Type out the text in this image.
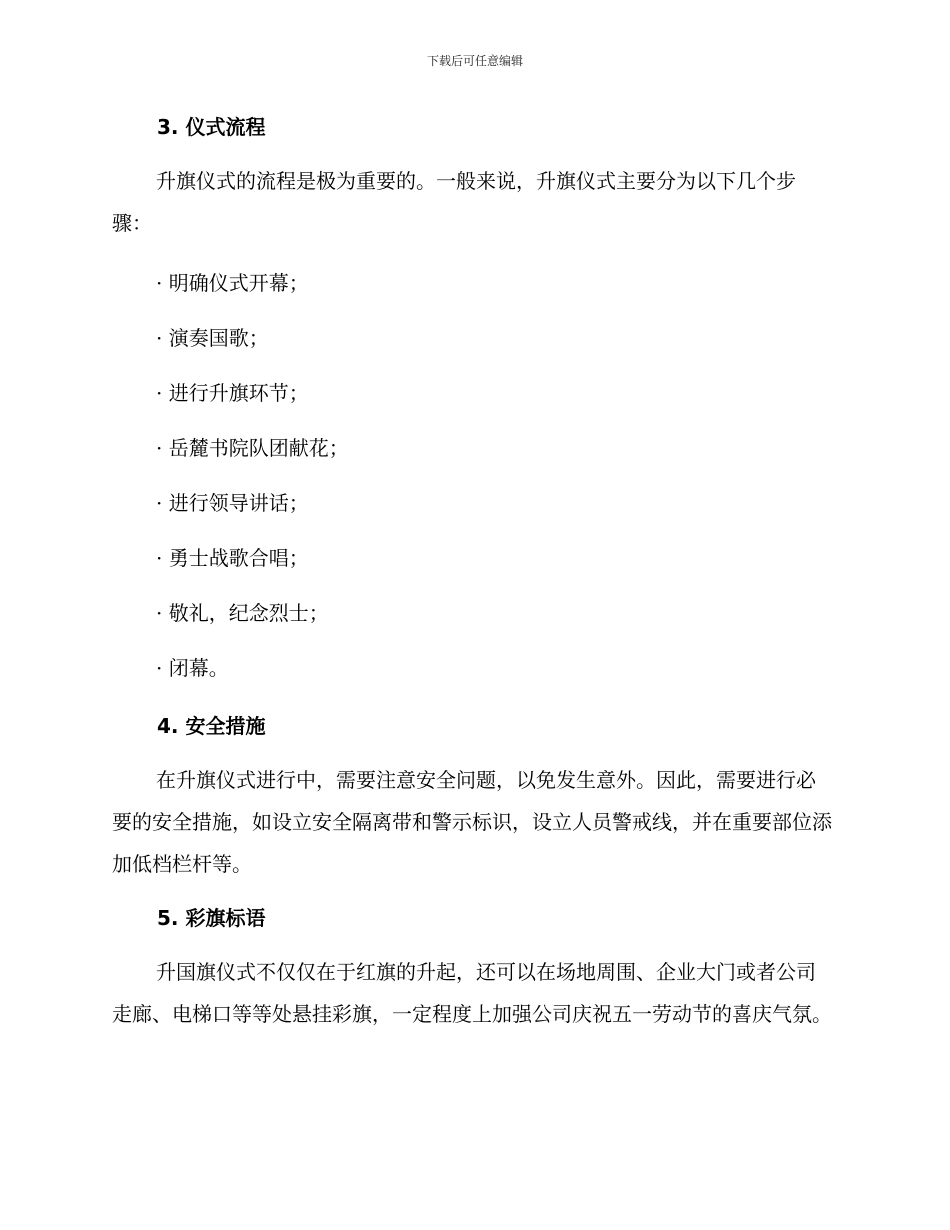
下载后可任意编辑
3. 仪式流程

升旗仪式的流程是极为重要的。一般来说，升旗仪式主要分为以下几个步骤：

· 明确仪式开幕；
· 演奏国歌；
· 进行升旗环节；
· 岳麓书院队团献花；
· 进行领导讲话；
· 勇士战歌合唱；
· 敬礼，纪念烈士；
· 闭幕。
4. 安全措施

在升旗仪式进行中，需要注意安全问题，以免发生意外。因此，需要进行必要的安全措施，如设立安全隔离带和警示标识，设立人员警戒线，并在重要部位添加低档栏杆等。

5. 彩旗标语

升国旗仪式不仅仅在于红旗的升起，还可以在场地周围、企业大门或者公司走廊、电梯口等等处悬挂彩旗，一定程度上加强公司庆祝五一劳动节的喜庆气氛。
